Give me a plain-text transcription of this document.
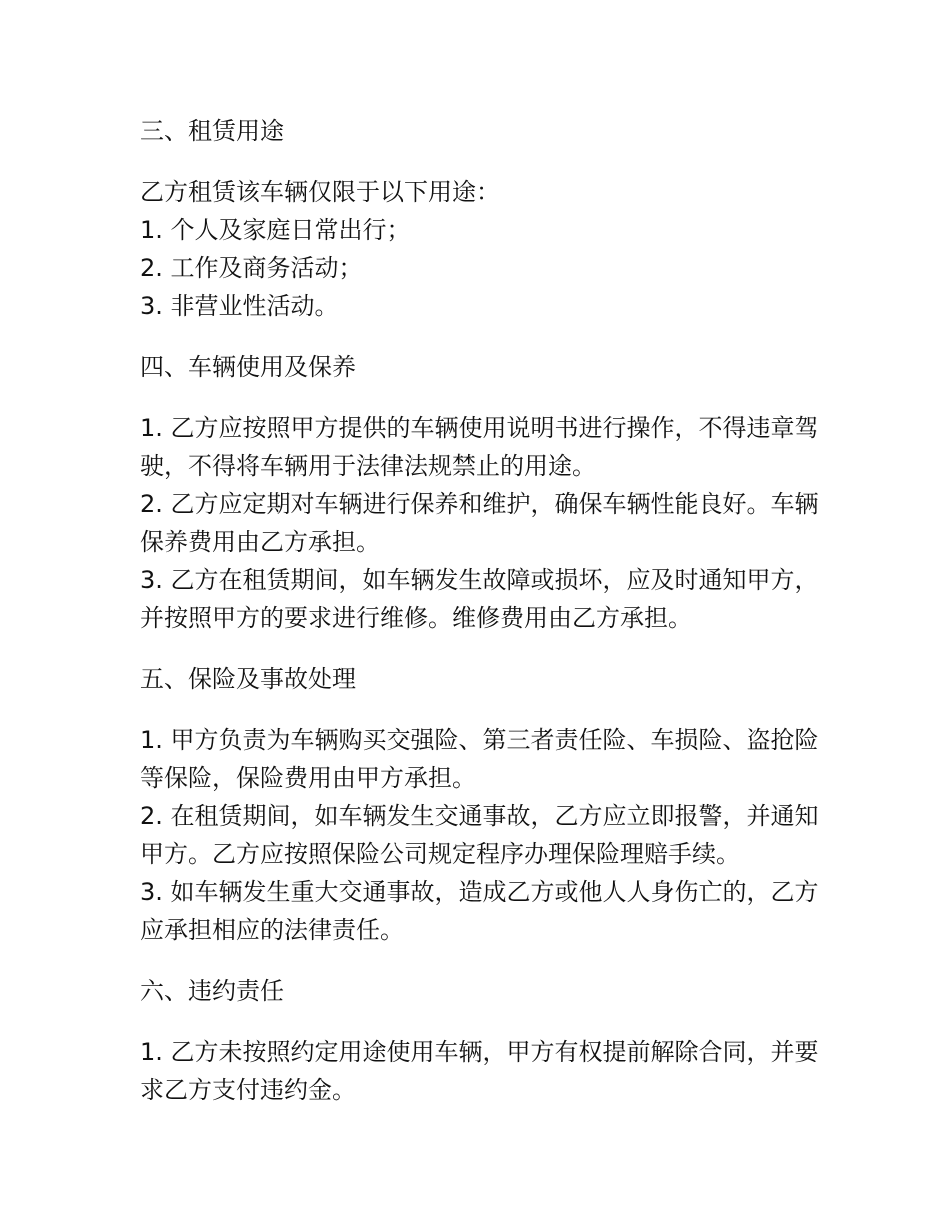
三、租赁用途

乙方租赁该车辆仅限于以下用途：

1. 个人及家庭日常出行；

2. 工作及商务活动；

3. 非营业性活动。

四、车辆使用及保养

1. 乙方应按照甲方提供的车辆使用说明书进行操作，不得违章驾驶，不得将车辆用于法律法规禁止的用途。

2. 乙方应定期对车辆进行保养和维护，确保车辆性能良好。车辆保养费用由乙方承担。

3. 乙方在租赁期间，如车辆发生故障或损坏，应及时通知甲方，并按照甲方的要求进行维修。维修费用由乙方承担。

五、保险及事故处理

1. 甲方负责为车辆购买交强险、第三者责任险、车损险、盗抢险等保险，保险费用由甲方承担。

2. 在租赁期间，如车辆发生交通事故，乙方应立即报警，并通知甲方。乙方应按照保险公司规定程序办理保险理赔手续。

3. 如车辆发生重大交通事故，造成乙方或他人人身伤亡的，乙方应承担相应的法律责任。

六、违约责任

1. 乙方未按照约定用途使用车辆，甲方有权提前解除合同，并要求乙方支付违约金。
